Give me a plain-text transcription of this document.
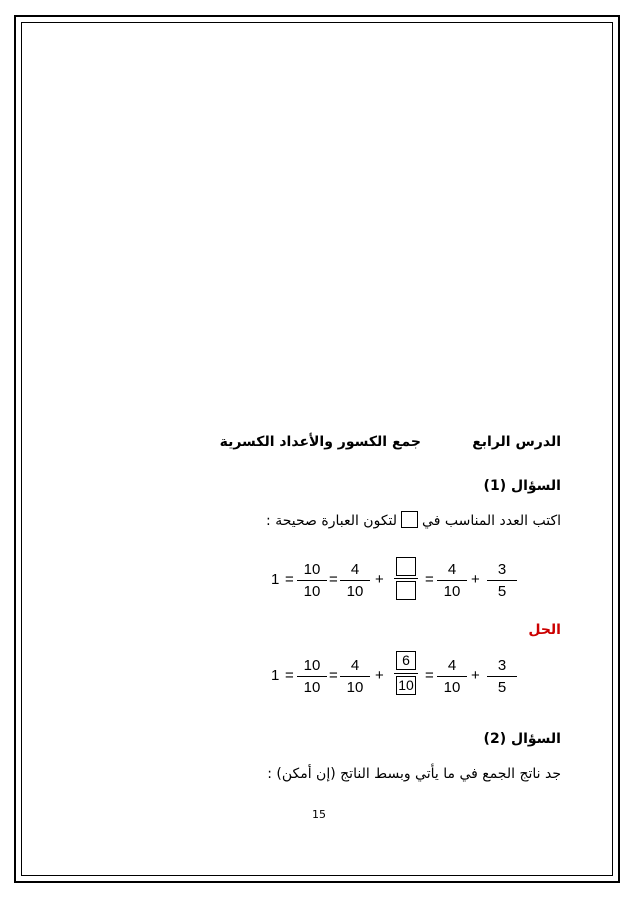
الدرس الرابع
جمع الكسور والأعداد الكسرية
السؤال (1)
اكتب العدد المناسب فيلتكون العبارة صحيحة :
1 =
10
10
=
4
10
+	=
4
10
+
3
5
الحل
1 =
10
10
=
4
10
+ $\frac{6}{10}$ =
4
10
+
3
5
السؤال (2)
جد ناتج الجمع في ما يأتي وبسط الناتج (إن أمكن) :
15
